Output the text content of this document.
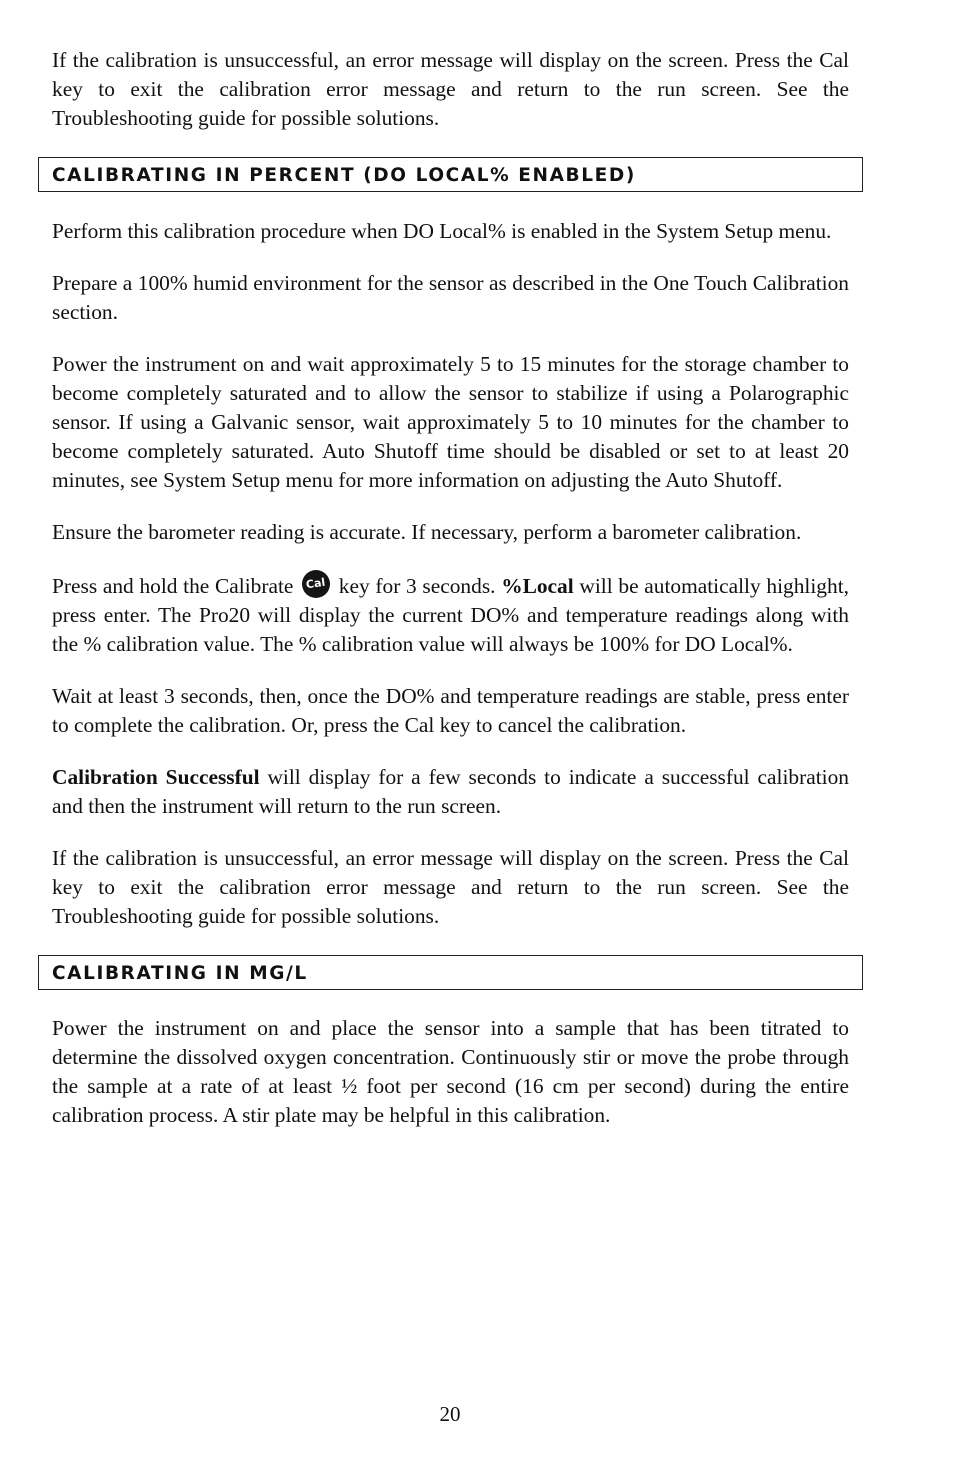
If the calibration is unsuccessful, an error message will display on the screen. Press the Cal key to exit the calibration error message and return to the run screen. See the Troubleshooting guide for possible solutions.

CALIBRATING IN PERCENT (DO LOCAL% ENABLED)

Perform this calibration procedure when DO Local% is enabled in the System Setup menu.

Prepare a 100% humid environment for the sensor as described in the One Touch Calibration section.

Power the instrument on and wait approximately 5 to 15 minutes for the storage chamber to become completely saturated and to allow the sensor to stabilize if using a Polarographic sensor. If using a Galvanic sensor, wait approximately 5 to 10 minutes for the chamber to become completely saturated. Auto Shutoff time should be disabled or set to at least 20 minutes, see System Setup menu for more information on adjusting the Auto Shutoff.

Ensure the barometer reading is accurate. If necessary, perform a barometer calibration.

Press and hold the Calibrate Cal key for 3 seconds. %Local will be automatically highlight, press enter. The Pro20 will display the current DO% and temperature readings along with the % calibration value. The % calibration value will always be 100% for DO Local%.

Wait at least 3 seconds, then, once the DO% and temperature readings are stable, press enter to complete the calibration. Or, press the Cal key to cancel the calibration.

Calibration Successful will display for a few seconds to indicate a successful calibration and then the instrument will return to the run screen.

If the calibration is unsuccessful, an error message will display on the screen. Press the Cal key to exit the calibration error message and return to the run screen. See the Troubleshooting guide for possible solutions.

CALIBRATING IN MG/L

Power the instrument on and place the sensor into a sample that has been titrated to determine the dissolved oxygen concentration. Continuously stir or move the probe through the sample at a rate of at least ½ foot per second (16 cm per second) during the entire calibration process. A stir plate may be helpful in this calibration.

20
